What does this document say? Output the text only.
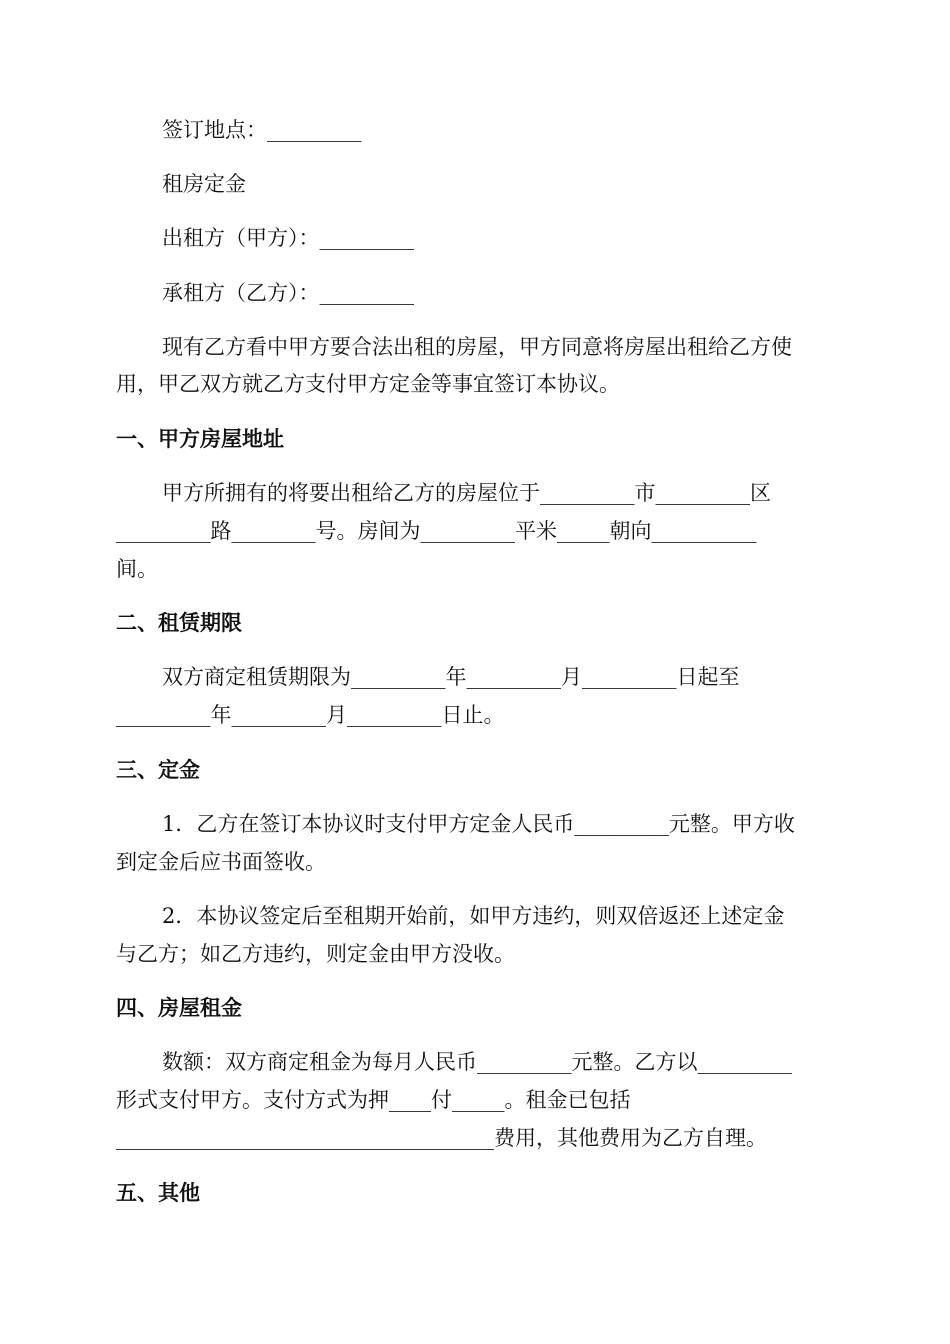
签订地点：_________
租房定金
出租方（甲方）：_________
承租方（乙方）：_________
现有乙方看中甲方要合法出租的房屋，甲方同意将房屋出租给乙方使
用，甲乙双方就乙方支付甲方定金等事宜签订本协议。
一、甲方房屋地址
甲方所拥有的将要出租给乙方的房屋位于_________市_________区
_________路________号。房间为_________平米_____朝向__________
间。
二、租赁期限
双方商定租赁期限为_________年_________月_________日起至
_________年_________月_________日止。
三、定金
1．乙方在签订本协议时支付甲方定金人民币_________元整。甲方收
到定金后应书面签收。
2．本协议签定后至租期开始前，如甲方违约，则双倍返还上述定金
与乙方；如乙方违约，则定金由甲方没收。
四、房屋租金
数额：双方商定租金为每月人民币_________元整。乙方以_________
形式支付甲方。支付方式为押____付_____。租金已包括
____________________________________费用，其他费用为乙方自理。
五、其他
